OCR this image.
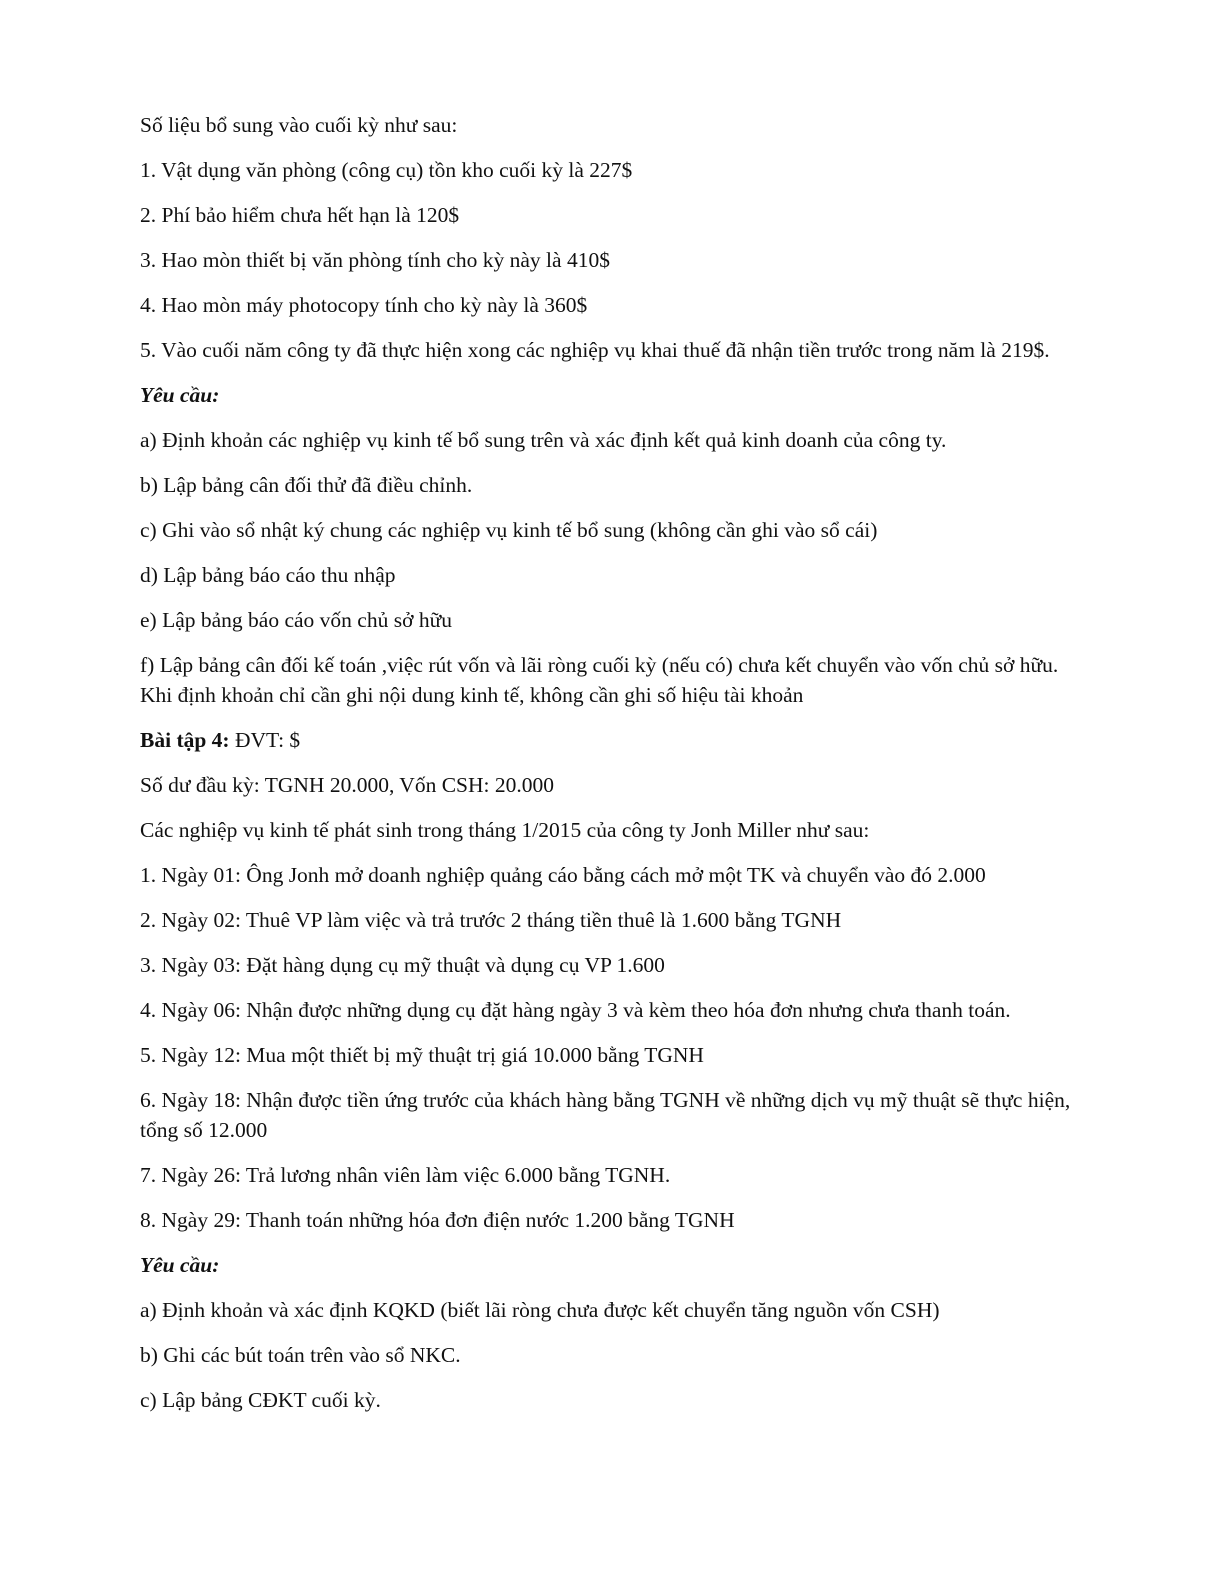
Số liệu bổ sung vào cuối kỳ như sau:

1. Vật dụng văn phòng (công cụ) tồn kho cuối kỳ là 227$

2. Phí bảo hiểm chưa hết hạn là 120$

3. Hao mòn thiết bị văn phòng tính cho kỳ này là 410$

4. Hao mòn máy photocopy tính cho kỳ này là 360$

5. Vào cuối năm công ty đã thực hiện xong các nghiệp vụ khai thuế đã nhận tiền trước trong năm là 219$.

Yêu cầu:

a) Định khoản các nghiệp vụ kinh tế bổ sung trên và xác định kết quả kinh doanh của công ty.

b) Lập bảng cân đối thử đã điều chỉnh.

c) Ghi vào sổ nhật ký chung các nghiệp vụ kinh tế bổ sung (không cần ghi vào sổ cái)

d) Lập bảng báo cáo thu nhập

e) Lập bảng báo cáo vốn chủ sở hữu

f) Lập bảng cân đối kế toán ,việc rút vốn và lãi ròng cuối kỳ (nếu có) chưa kết chuyển vào vốn chủ sở hữu. Khi định khoản chỉ cần ghi nội dung kinh tế, không cần ghi số hiệu tài khoản

Bài tập 4: ĐVT: $

Số dư đầu kỳ: TGNH 20.000, Vốn CSH: 20.000

Các nghiệp vụ kinh tế phát sinh trong tháng 1/2015 của công ty Jonh Miller như sau:

1. Ngày 01: Ông Jonh mở doanh nghiệp quảng cáo bằng cách mở một TK và chuyển vào đó 2.000

2. Ngày 02: Thuê VP làm việc và trả trước 2 tháng tiền thuê là 1.600 bằng TGNH

3. Ngày 03: Đặt hàng dụng cụ mỹ thuật và dụng cụ VP 1.600

4. Ngày 06: Nhận được những dụng cụ đặt hàng ngày 3 và kèm theo hóa đơn nhưng chưa thanh toán.

5. Ngày 12: Mua một thiết bị mỹ thuật trị giá 10.000 bằng TGNH

6. Ngày 18: Nhận được tiền ứng trước của khách hàng bằng TGNH về những dịch vụ mỹ thuật sẽ thực hiện, tổng số 12.000

7. Ngày 26: Trả lương nhân viên làm việc 6.000 bằng TGNH.

8. Ngày 29: Thanh toán những hóa đơn điện nước 1.200 bằng TGNH

Yêu cầu:

a) Định khoản và xác định KQKD (biết lãi ròng chưa được kết chuyển tăng nguồn vốn CSH)

b) Ghi các bút toán trên vào sổ NKC.

c) Lập bảng CĐKT cuối kỳ.
